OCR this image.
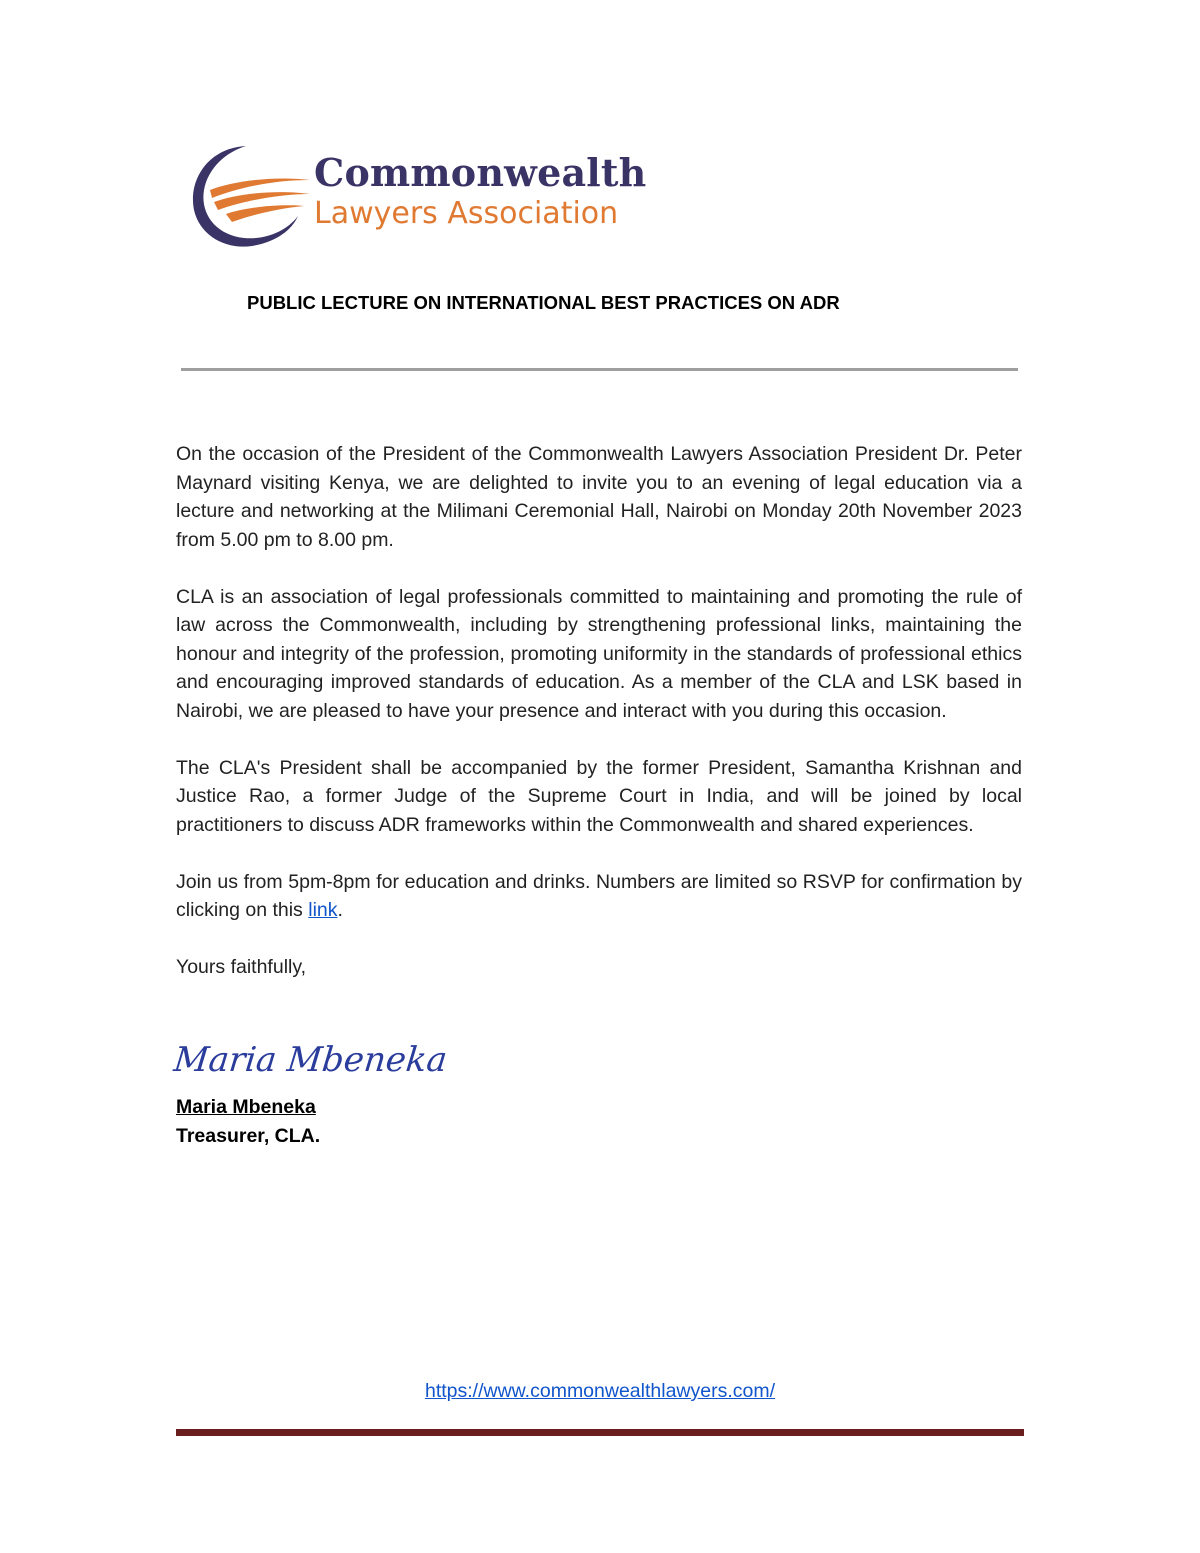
Commonwealth
Lawyers Association
PUBLIC LECTURE ON INTERNATIONAL BEST PRACTICES ON ADR

On the occasion of the President of the Commonwealth Lawyers Association President Dr. Peter Maynard visiting Kenya, we are delighted to invite you to an evening of legal education via a lecture and networking at the Milimani Ceremonial Hall, Nairobi on Monday 20th November 2023 from 5.00 pm to 8.00 pm.

CLA is an association of legal professionals committed to maintaining and promoting the rule of law across the Commonwealth, including by strengthening professional links, maintaining the honour and integrity of the profession, promoting uniformity in the standards of professional ethics and encouraging improved standards of education. As a member of the CLA and LSK based in Nairobi, we are pleased to have your presence and interact with you during this occasion.

The CLA's President shall be accompanied by the former President, Samantha Krishnan and Justice Rao, a former Judge of the Supreme Court in India, and will be joined by local practitioners to discuss ADR frameworks within the Commonwealth and shared experiences.

Join us from 5pm-8pm for education and drinks. Numbers are limited so RSVP for confirmation by clicking on this link.

Yours faithfully,

Maria Mbeneka
Maria Mbeneka
Treasurer, CLA.
https://www.commonwealthlawyers.com/
